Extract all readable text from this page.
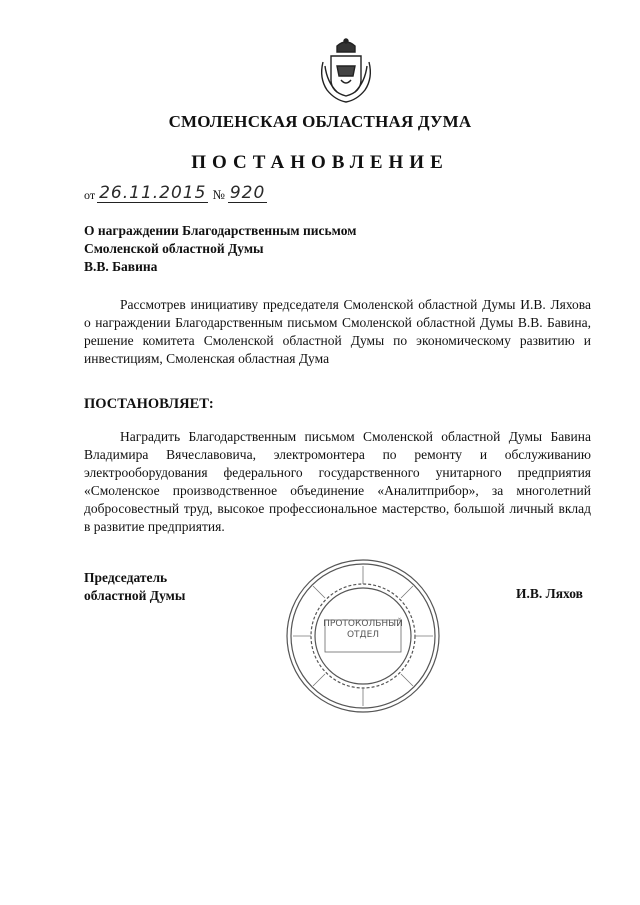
СМОЛЕНСКАЯ ОБЛАСТНАЯ ДУМА
ПОСТАНОВЛЕНИЕ
от 26.11.2015 № 920
О награждении Благодарственным письмом
Смоленской областной Думы
В.В. Бавина
Рассмотрев инициативу председателя Смоленской областной Думы И.В. Ляхова о награждении Благодарственным письмом Смоленской областной Думы В.В. Бавина, решение комитета Смоленской областной Думы по экономическому развитию и инвестициям, Смоленская областная Дума
ПОСТАНОВЛЯЕТ:
Наградить Благодарственным письмом Смоленской областной Думы Бавина Владимира Вячеславовича, электромонтера по ремонту и обслуживанию электрооборудования федерального государственного унитарного предприятия «Смоленское производственное объединение «Аналитприбор», за многолетний добросовестный труд, высокое профессиональное мастерство, большой личный вклад в развитие предприятия.
Председатель
областной Думы
ПРОТОКОЛЬНЫЙ
ОТДЕЛ
И.В. Ляхов
